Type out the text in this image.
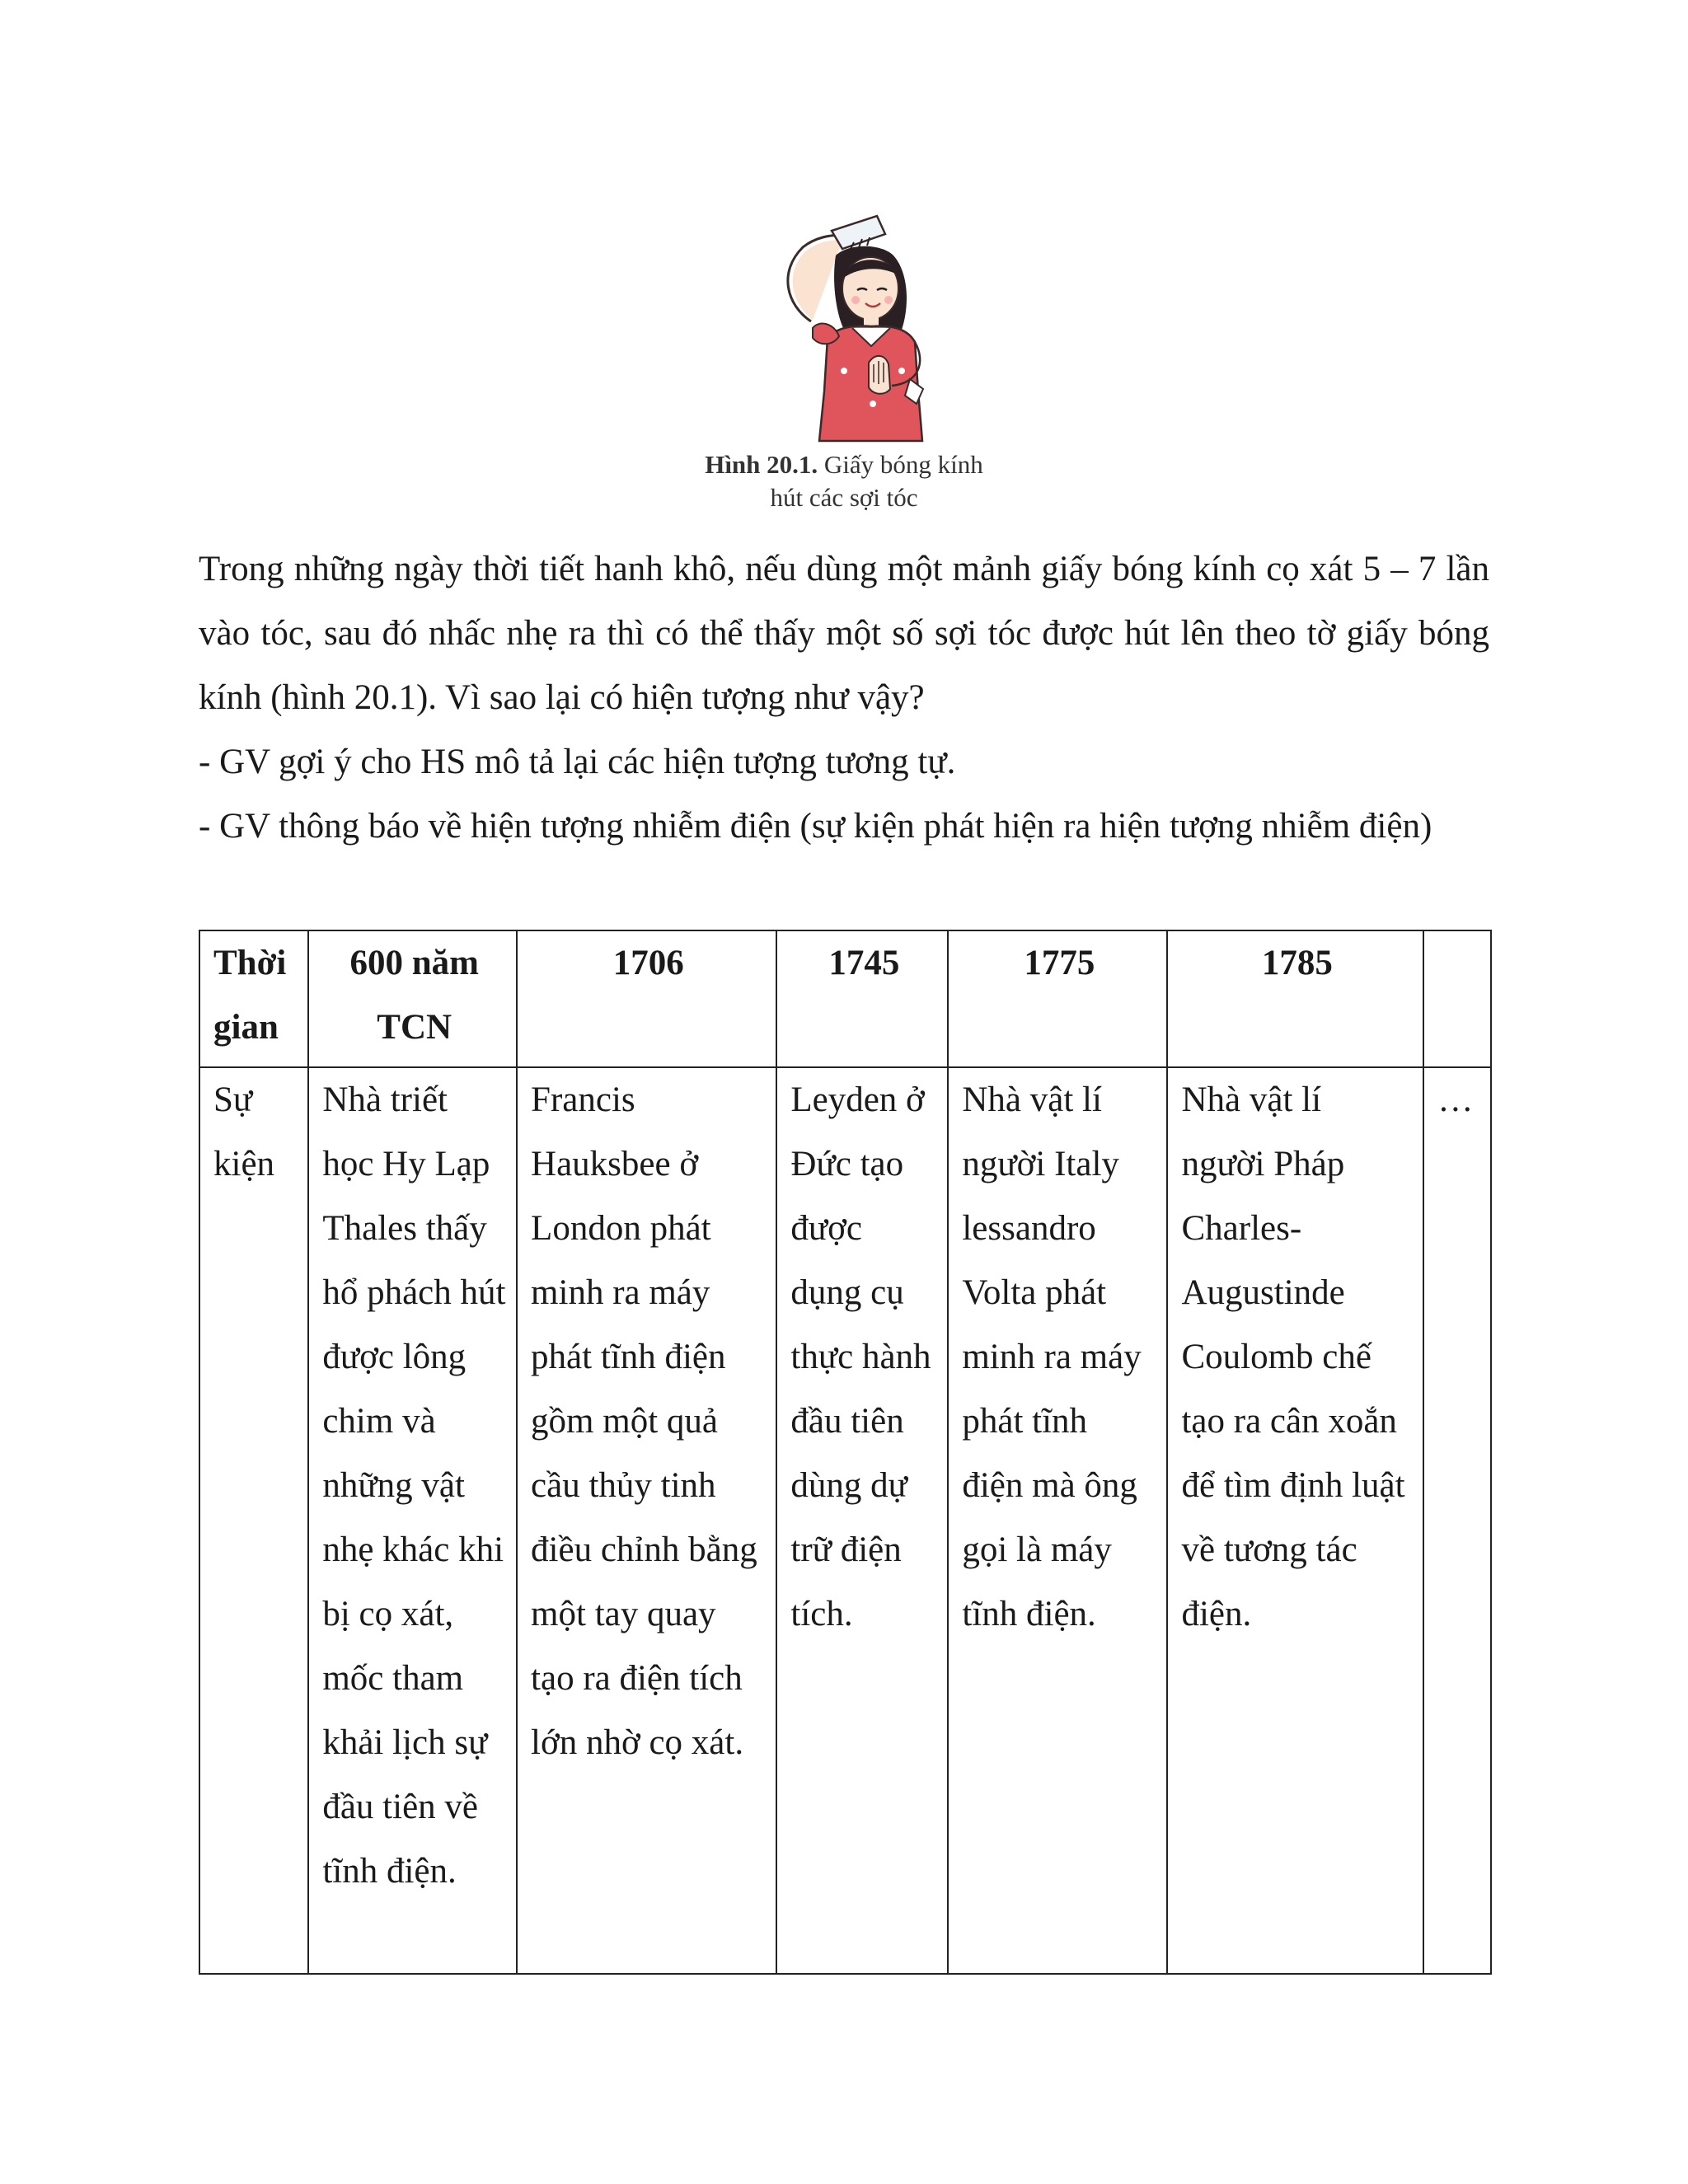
Hình 20.1. Giấy bóng kính
hút các sợi tóc

Trong những ngày thời tiết hanh khô, nếu dùng một mảnh giấy bóng kính cọ xát 5 – 7 lần vào tóc, sau đó nhấc nhẹ ra thì có thể thấy một số sợi tóc được hút lên theo tờ giấy bóng kính (hình 20.1). Vì sao lại có hiện tượng như vậy?

- GV gợi ý cho HS mô tả lại các hiện tượng tương tự.

- GV thông báo về hiện tượng nhiễm điện (sự kiện phát hiện ra hiện tượng nhiễm điện)

Thời gian	600 năm TCN	1706	1745	1775	1785	
Sự kiện	Nhà triết học Hy Lạp Thales thấy hổ phách hút được lông chim và những vật nhẹ khác khi bị cọ xát, mốc tham khải lịch sự đầu tiên về tĩnh điện.	Francis Hauksbee ở London phát minh ra máy phát tĩnh điện gồm một quả cầu thủy tinh điều chỉnh bằng một tay quay tạo ra điện tích lớn nhờ cọ xát.	Leyden ở Đức tạo được dụng cụ thực hành đầu tiên dùng dự trữ điện tích.	Nhà vật lí người Italy lessandro Volta phát minh ra máy phát tĩnh điện mà ông gọi là máy tĩnh điện.	Nhà vật lí người Pháp Charles-Augustinde Coulomb chế tạo ra cân xoắn để tìm định luật về tương tác điện.	…
